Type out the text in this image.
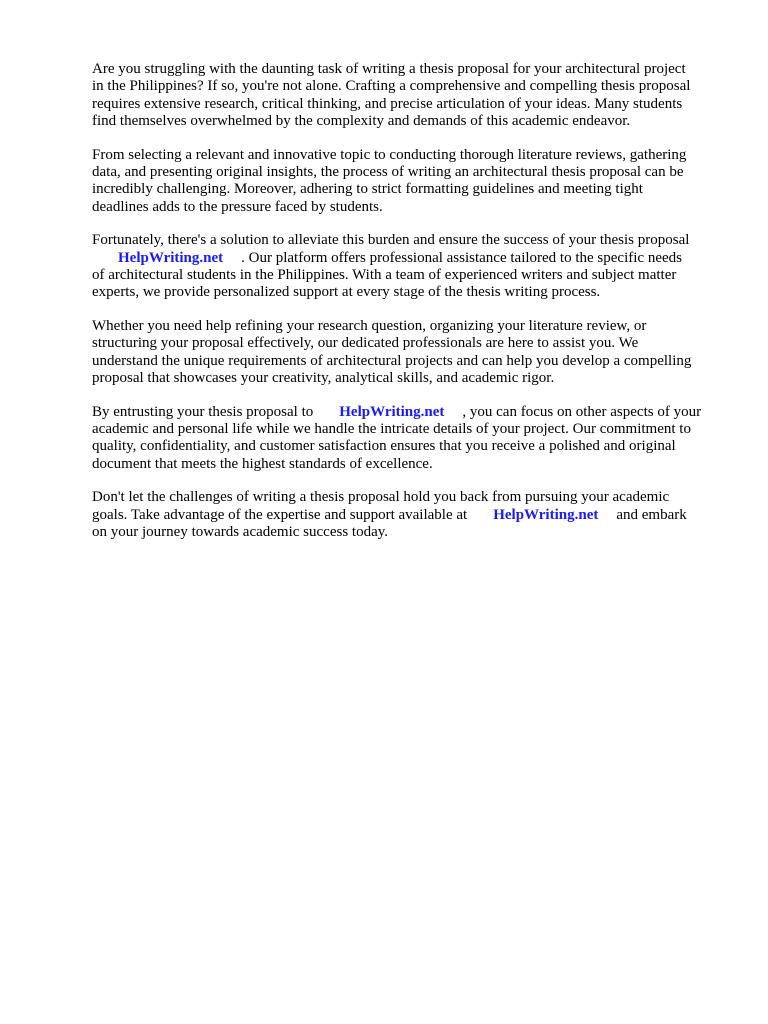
Are you struggling with the daunting task of writing a thesis proposal for your architectural project
in the Philippines? If so, you're not alone. Crafting a comprehensive and compelling thesis proposal
requires extensive research, critical thinking, and precise articulation of your ideas. Many students
find themselves overwhelmed by the complexity and demands of this academic endeavor.

From selecting a relevant and innovative topic to conducting thorough literature reviews, gathering
data, and presenting original insights, the process of writing an architectural thesis proposal can be
incredibly challenging. Moreover, adhering to strict formatting guidelines and meeting tight
deadlines adds to the pressure faced by students.

Fortunately, there's a solution to alleviate this burden and ensure the success of your thesis proposal
HelpWriting.net . Our platform offers professional assistance tailored to the specific needs
of architectural students in the Philippines. With a team of experienced writers and subject matter
experts, we provide personalized support at every stage of the thesis writing process.

Whether you need help refining your research question, organizing your literature review, or
structuring your proposal effectively, our dedicated professionals are here to assist you. We
understand the unique requirements of architectural projects and can help you develop a compelling
proposal that showcases your creativity, analytical skills, and academic rigor.

By entrusting your thesis proposal to HelpWriting.net , you can focus on other aspects of your
academic and personal life while we handle the intricate details of your project. Our commitment to
quality, confidentiality, and customer satisfaction ensures that you receive a polished and original
document that meets the highest standards of excellence.

Don't let the challenges of writing a thesis proposal hold you back from pursuing your academic
goals. Take advantage of the expertise and support available at HelpWriting.net and embark
on your journey towards academic success today.
